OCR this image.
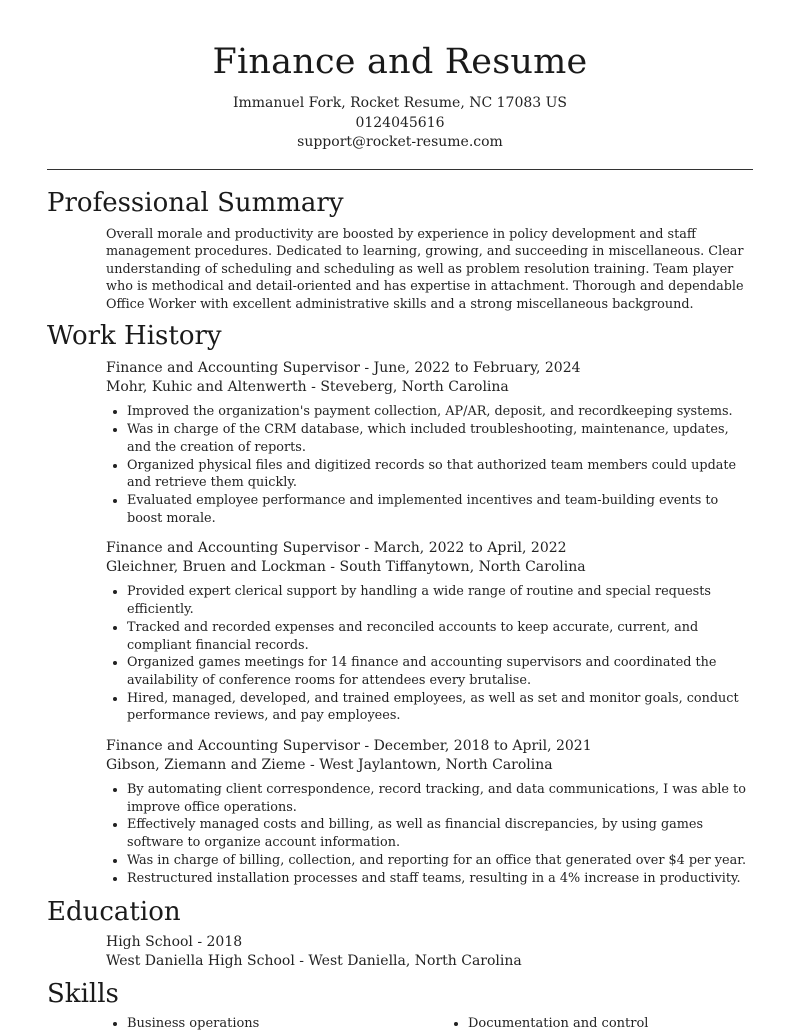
Finance and Resume
Immanuel Fork, Rocket Resume, NC 17083 US
0124045616
support@rocket-resume.com
Professional Summary

Overall morale and productivity are boosted by experience in policy development and staff management procedures. Dedicated to learning, growing, and succeeding in miscellaneous. Clear understanding of scheduling and scheduling as well as problem resolution training. Team player who is methodical and detail-oriented and has expertise in attachment. Thorough and dependable Office Worker with excellent administrative skills and a strong miscellaneous background.

Work History

Finance and Accounting Supervisor - June, 2022 to February, 2024

Mohr, Kuhic and Altenwerth - Steveberg, North Carolina

• Improved the organization's payment collection, AP/AR, deposit, and recordkeeping systems.
• Was in charge of the CRM database, which included troubleshooting, maintenance, updates, and the creation of reports.
• Organized physical files and digitized records so that authorized team members could update and retrieve them quickly.
• Evaluated employee performance and implemented incentives and team-building events to boost morale.

Finance and Accounting Supervisor - March, 2022 to April, 2022

Gleichner, Bruen and Lockman - South Tiffanytown, North Carolina

• Provided expert clerical support by handling a wide range of routine and special requests efficiently.
• Tracked and recorded expenses and reconciled accounts to keep accurate, current, and compliant financial records.
• Organized games meetings for 14 finance and accounting supervisors and coordinated the availability of conference rooms for attendees every brutalise.
• Hired, managed, developed, and trained employees, as well as set and monitor goals, conduct performance reviews, and pay employees.

Finance and Accounting Supervisor - December, 2018 to April, 2021

Gibson, Ziemann and Zieme - West Jaylantown, North Carolina

• By automating client correspondence, record tracking, and data communications, I was able to improve office operations.
• Effectively managed costs and billing, as well as financial discrepancies, by using games software to organize account information.
• Was in charge of billing, collection, and reporting for an office that generated over $4 per year.
• Restructured installation processes and staff teams, resulting in a 4% increase in productivity.
Education

High School - 2018

West Daniella High School - West Daniella, North Carolina

Skills
• Business operations
•	Documentation and control
